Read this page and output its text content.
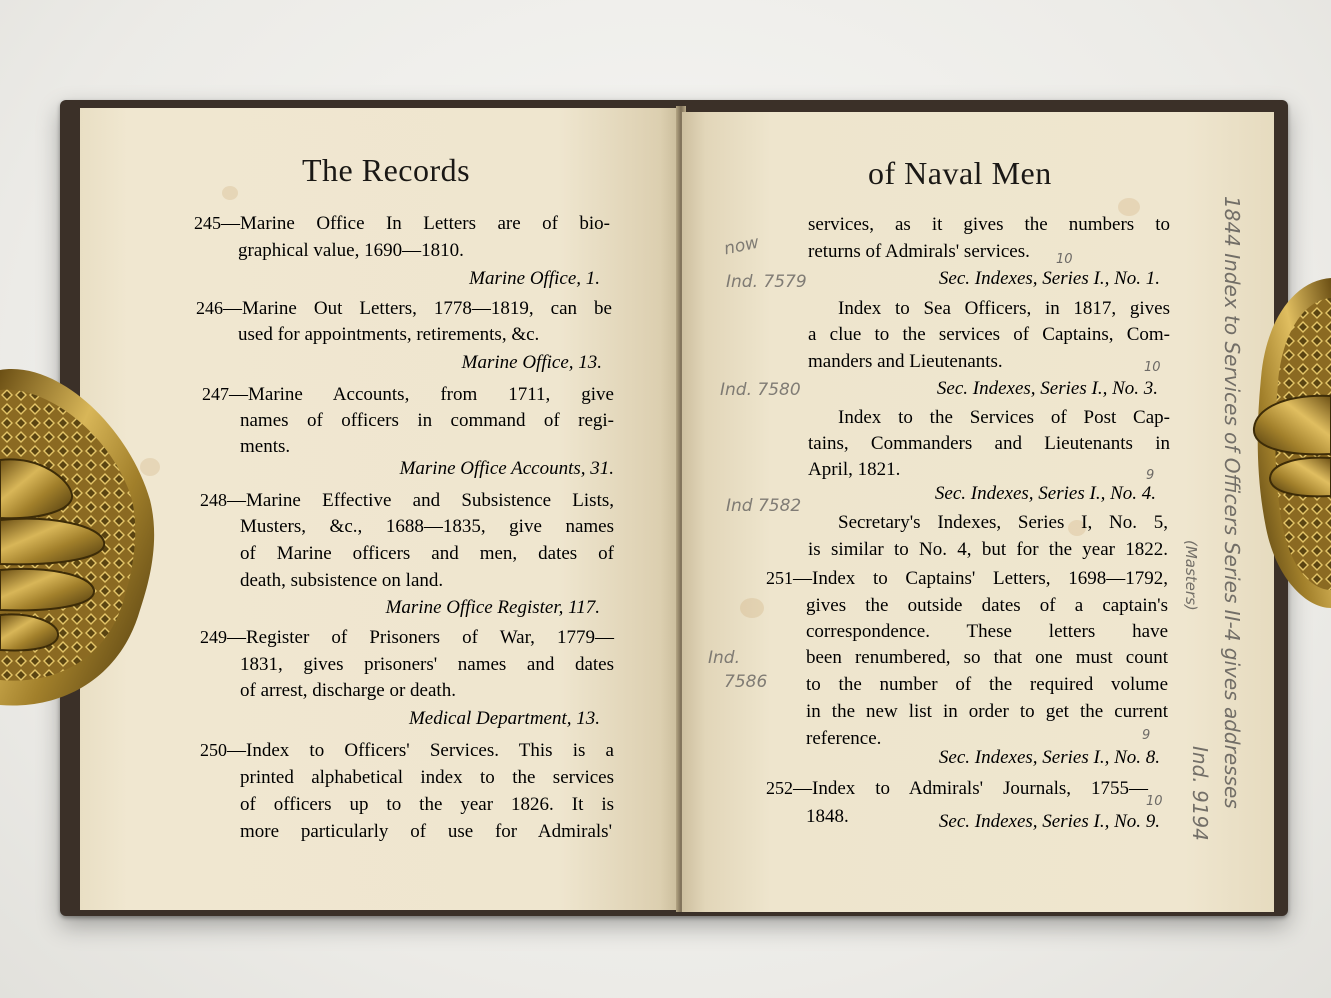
The Records
245—Marine Office In Letters are of bio-
graphical value, 1690—1810.
Marine Office, 1.
246—Marine Out Letters, 1778—1819, can be
used for appointments, retirements, &c.
Marine Office, 13.
247—Marine Accounts, from 1711, give
names of officers in command of regi-
ments.
Marine Office Accounts, 31.
248—Marine Effective and Subsistence Lists,
Musters, &c., 1688—1835, give names
of Marine officers and men, dates of
death, subsistence on land.
Marine Office Register, 117.
249—Register of Prisoners of War, 1779—
1831, gives prisoners' names and dates
of arrest, discharge or death.
Medical Department, 13.
250—Index to Officers' Services. This is a
printed alphabetical index to the services
of officers up to the year 1826. It is
more particularly of use for Admirals'
of Naval Men
services, as it gives the numbers to
returns of Admirals' services.
Sec. Indexes, Series I., No. 1.
Index to Sea Officers, in 1817, gives
a clue to the services of Captains, Com-
manders and Lieutenants.
Sec. Indexes, Series I., No. 3.
Index to the Services of Post Cap-
tains, Commanders and Lieutenants in
April, 1821.
Sec. Indexes, Series I., No. 4.
Secretary's Indexes, Series I, No. 5,
is similar to No. 4, but for the year 1822.
251—Index to Captains' Letters, 1698—1792,
gives the outside dates of a captain's
correspondence. These letters have
been renumbered, so that one must count
to the number of the required volume
in the new list in order to get the current
reference.
Sec. Indexes, Series I., No. 8.
252—Index to Admirals' Journals, 1755—
1848.	Sec. Indexes, Series I., No. 9.
now
Ind. 7579
Ind. 7580
Ind 7582
Ind.
7586
10
10
9
9
10	1844 Index to Services of Officers Series II-4 gives addresses
(Masters)
Ind. 9194
